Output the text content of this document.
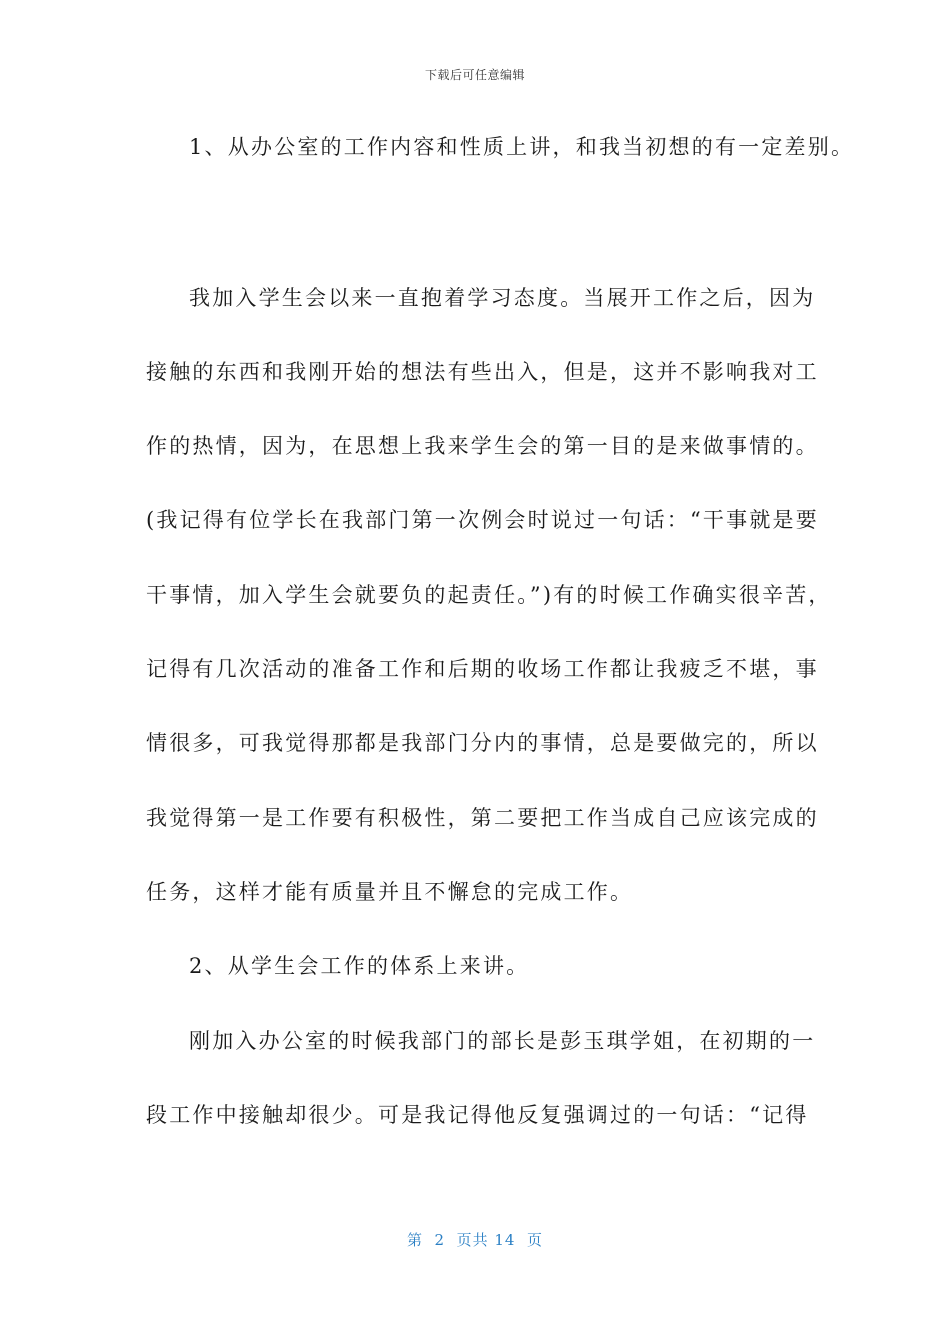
下载后可任意编辑
1、从办公室的工作内容和性质上讲，和我当初想的有一定差别。
我加入学生会以来一直抱着学习态度。当展开工作之后，因为
接触的东西和我刚开始的想法有些出入，但是，这并不影响我对工
作的热情，因为，在思想上我来学生会的第一目的是来做事情的。
(我记得有位学长在我部门第一次例会时说过一句话：“干事就是要
干事情，加入学生会就要负的起责任。”)有的时候工作确实很辛苦，
记得有几次活动的准备工作和后期的收场工作都让我疲乏不堪，事
情很多，可我觉得那都是我部门分内的事情，总是要做完的，所以
我觉得第一是工作要有积极性，第二要把工作当成自己应该完成的
任务，这样才能有质量并且不懈怠的完成工作。
2、从学生会工作的体系上来讲。
刚加入办公室的时候我部门的部长是彭玉琪学姐，在初期的一
段工作中接触却很少。可是我记得他反复强调过的一句话：“记得
第  2  页共 14  页
